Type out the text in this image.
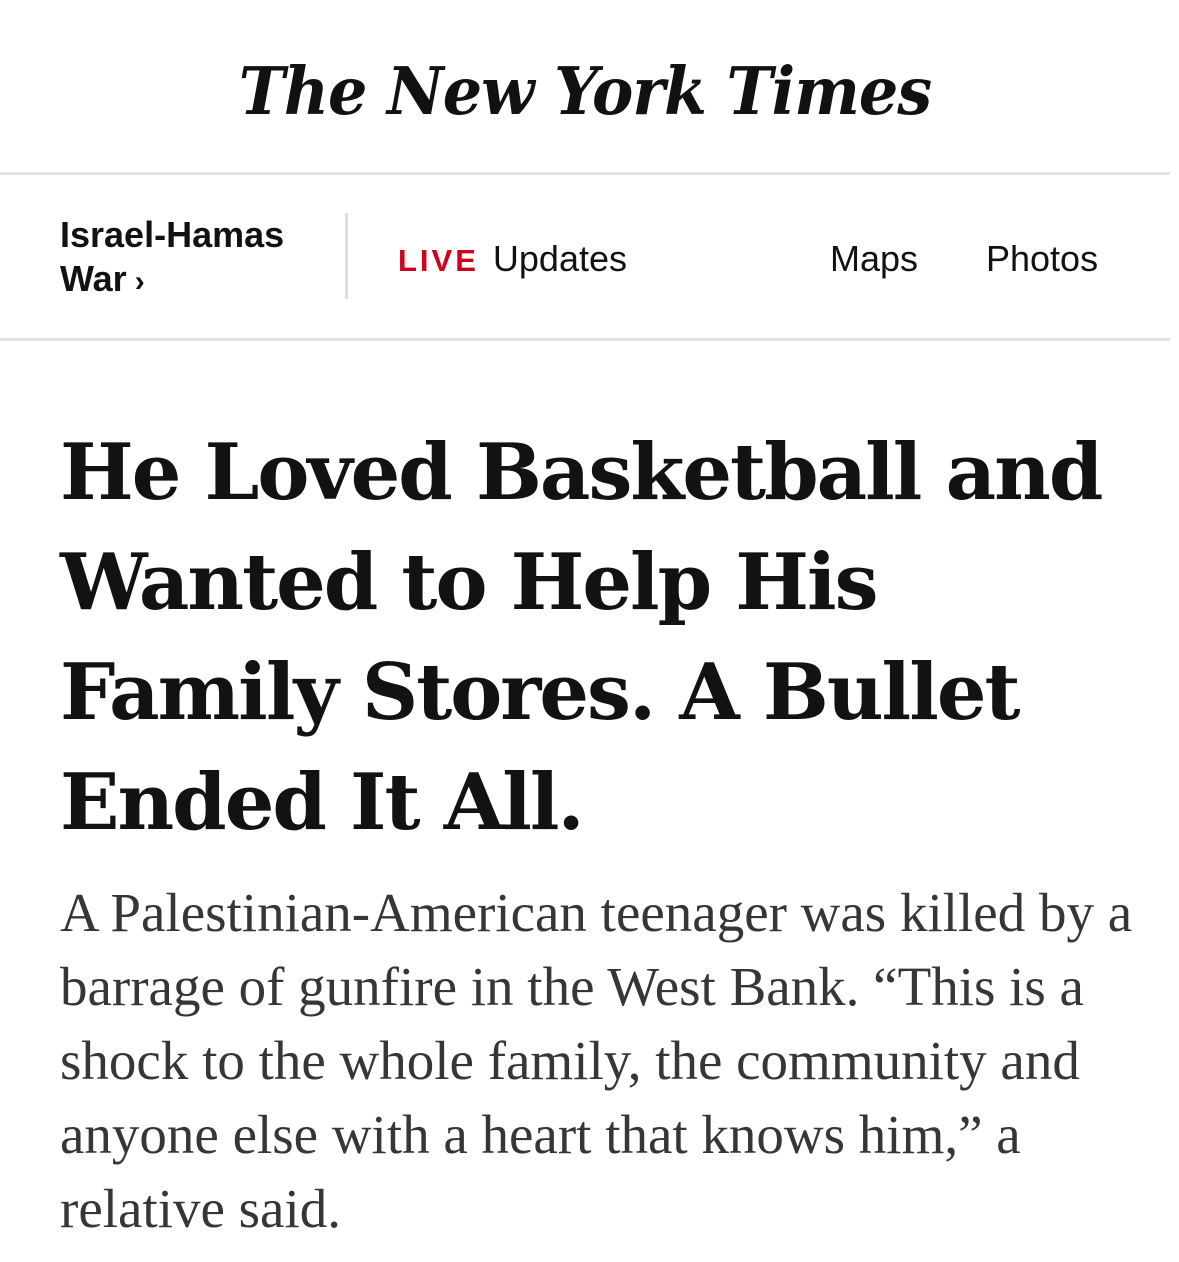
The New York Times
Israel-Hamas War ›
LIVE Updates	Maps Photos
He Loved Basketball and Wanted to Help His Family Stores. A Bullet Ended It All.

A Palestinian-American teenager was killed by a barrage of gunfire in the West Bank. “This is a shock to the whole family, the community and anyone else with a heart that knows him,” a relative said.
